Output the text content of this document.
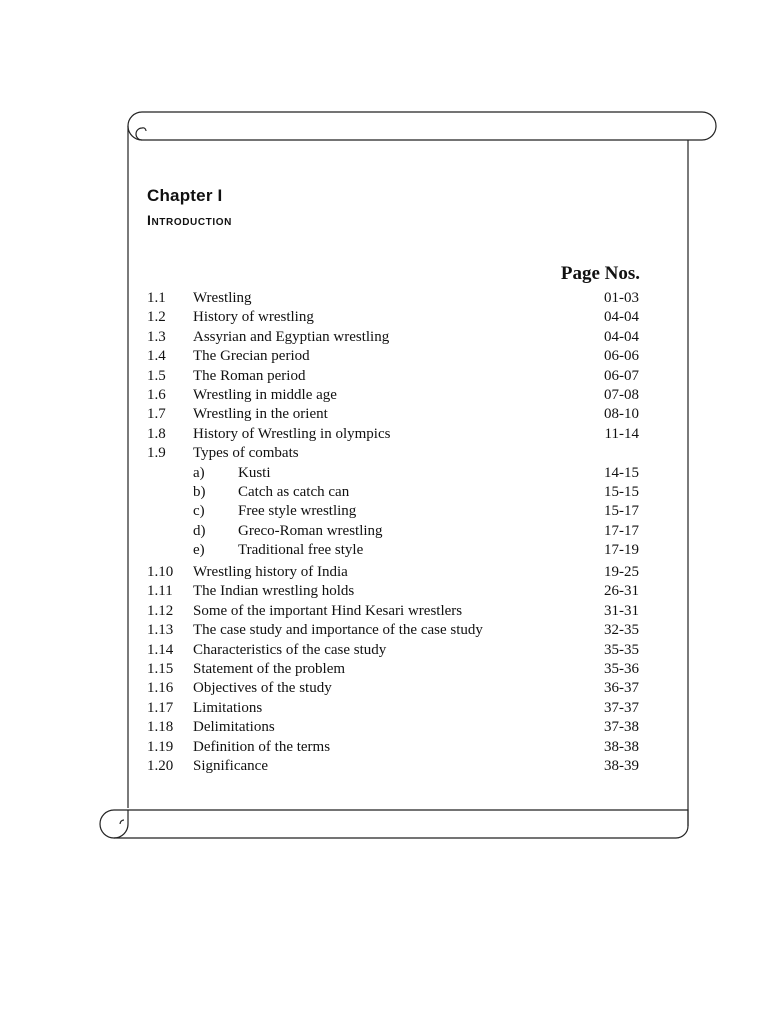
Chapter I
Introduction
Page Nos.
1.1 Wrestling	01-03
1.2 History of wrestling	04-04
1.3 Assyrian and Egyptian wrestling	04-04
1.4 The Grecian period	06-06
1.5 The Roman period	06-07
1.6 Wrestling in middle age	07-08
1.7 Wrestling in the orient	08-10
1.8 History of Wrestling in olympics	11-14
1.9 Types of combats
a) Kusti	14-15
b) Catch as catch can	15-15
c) Free style wrestling	15-17
d) Greco-Roman wrestling	17-17
e) Traditional free style	17-19
1.10 Wrestling history of India	19-25
1.11 The Indian wrestling holds	26-31
1.12 Some of the important Hind Kesari wrestlers	31-31
1.13 The case study and importance of the case study	32-35
1.14 Characteristics of the case study	35-35
1.15 Statement of the problem	35-36
1.16 Objectives of the study	36-37
1.17 Limitations	37-37
1.18 Delimitations	37-38
1.19 Definition of the terms	38-38
1.20 Significance	38-39
